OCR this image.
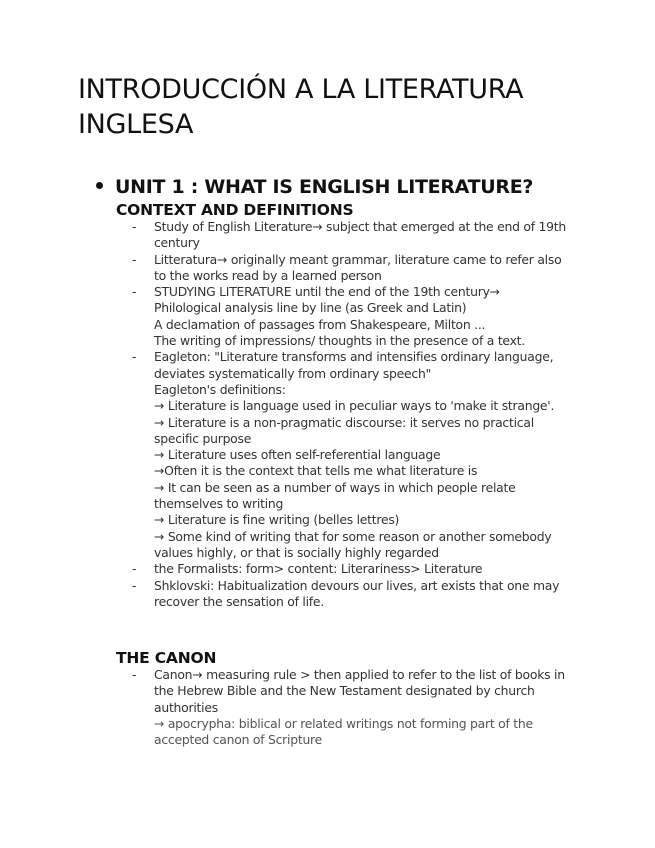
INTRODUCCIÓN A LA LITERATURA INGLESA
UNIT 1 : WHAT IS ENGLISH LITERATURE?
CONTEXT AND DEFINITIONS
- Study of English Literature→ subject that emerged at the end of 19th century
- Litteratura→ originally meant grammar, literature came to refer also to the works read by a learned person
- STUDYING LITERATURE until the end of the 19th century→
Philological analysis line by line (as Greek and Latin)
A declamation of passages from Shakespeare, Milton ...
The writing of impressions/ thoughts in the presence of a text.
- Eagleton: "Literature transforms and intensifies ordinary language, deviates systematically from ordinary speech"
Eagleton's definitions:
→ Literature is language used in peculiar ways to 'make it strange'.
→ Literature is a non-pragmatic discourse: it serves no practical specific purpose
→ Literature uses often self-referential language
→Often it is the context that tells me what literature is
→ It can be seen as a number of ways in which people relate themselves to writing
→ Literature is fine writing (belles lettres)
→ Some kind of writing that for some reason or another somebody values highly, or that is socially highly regarded
- the Formalists: form> content: Literariness> Literature
- Shklovski: Habitualization devours our lives, art exists that one may recover the sensation of life.
THE CANON
- Canon→ measuring rule > then applied to refer to the list of books in the Hebrew Bible and the New Testament designated by church authorities
→ apocrypha: biblical or related writings not forming part of the accepted canon of Scripture
